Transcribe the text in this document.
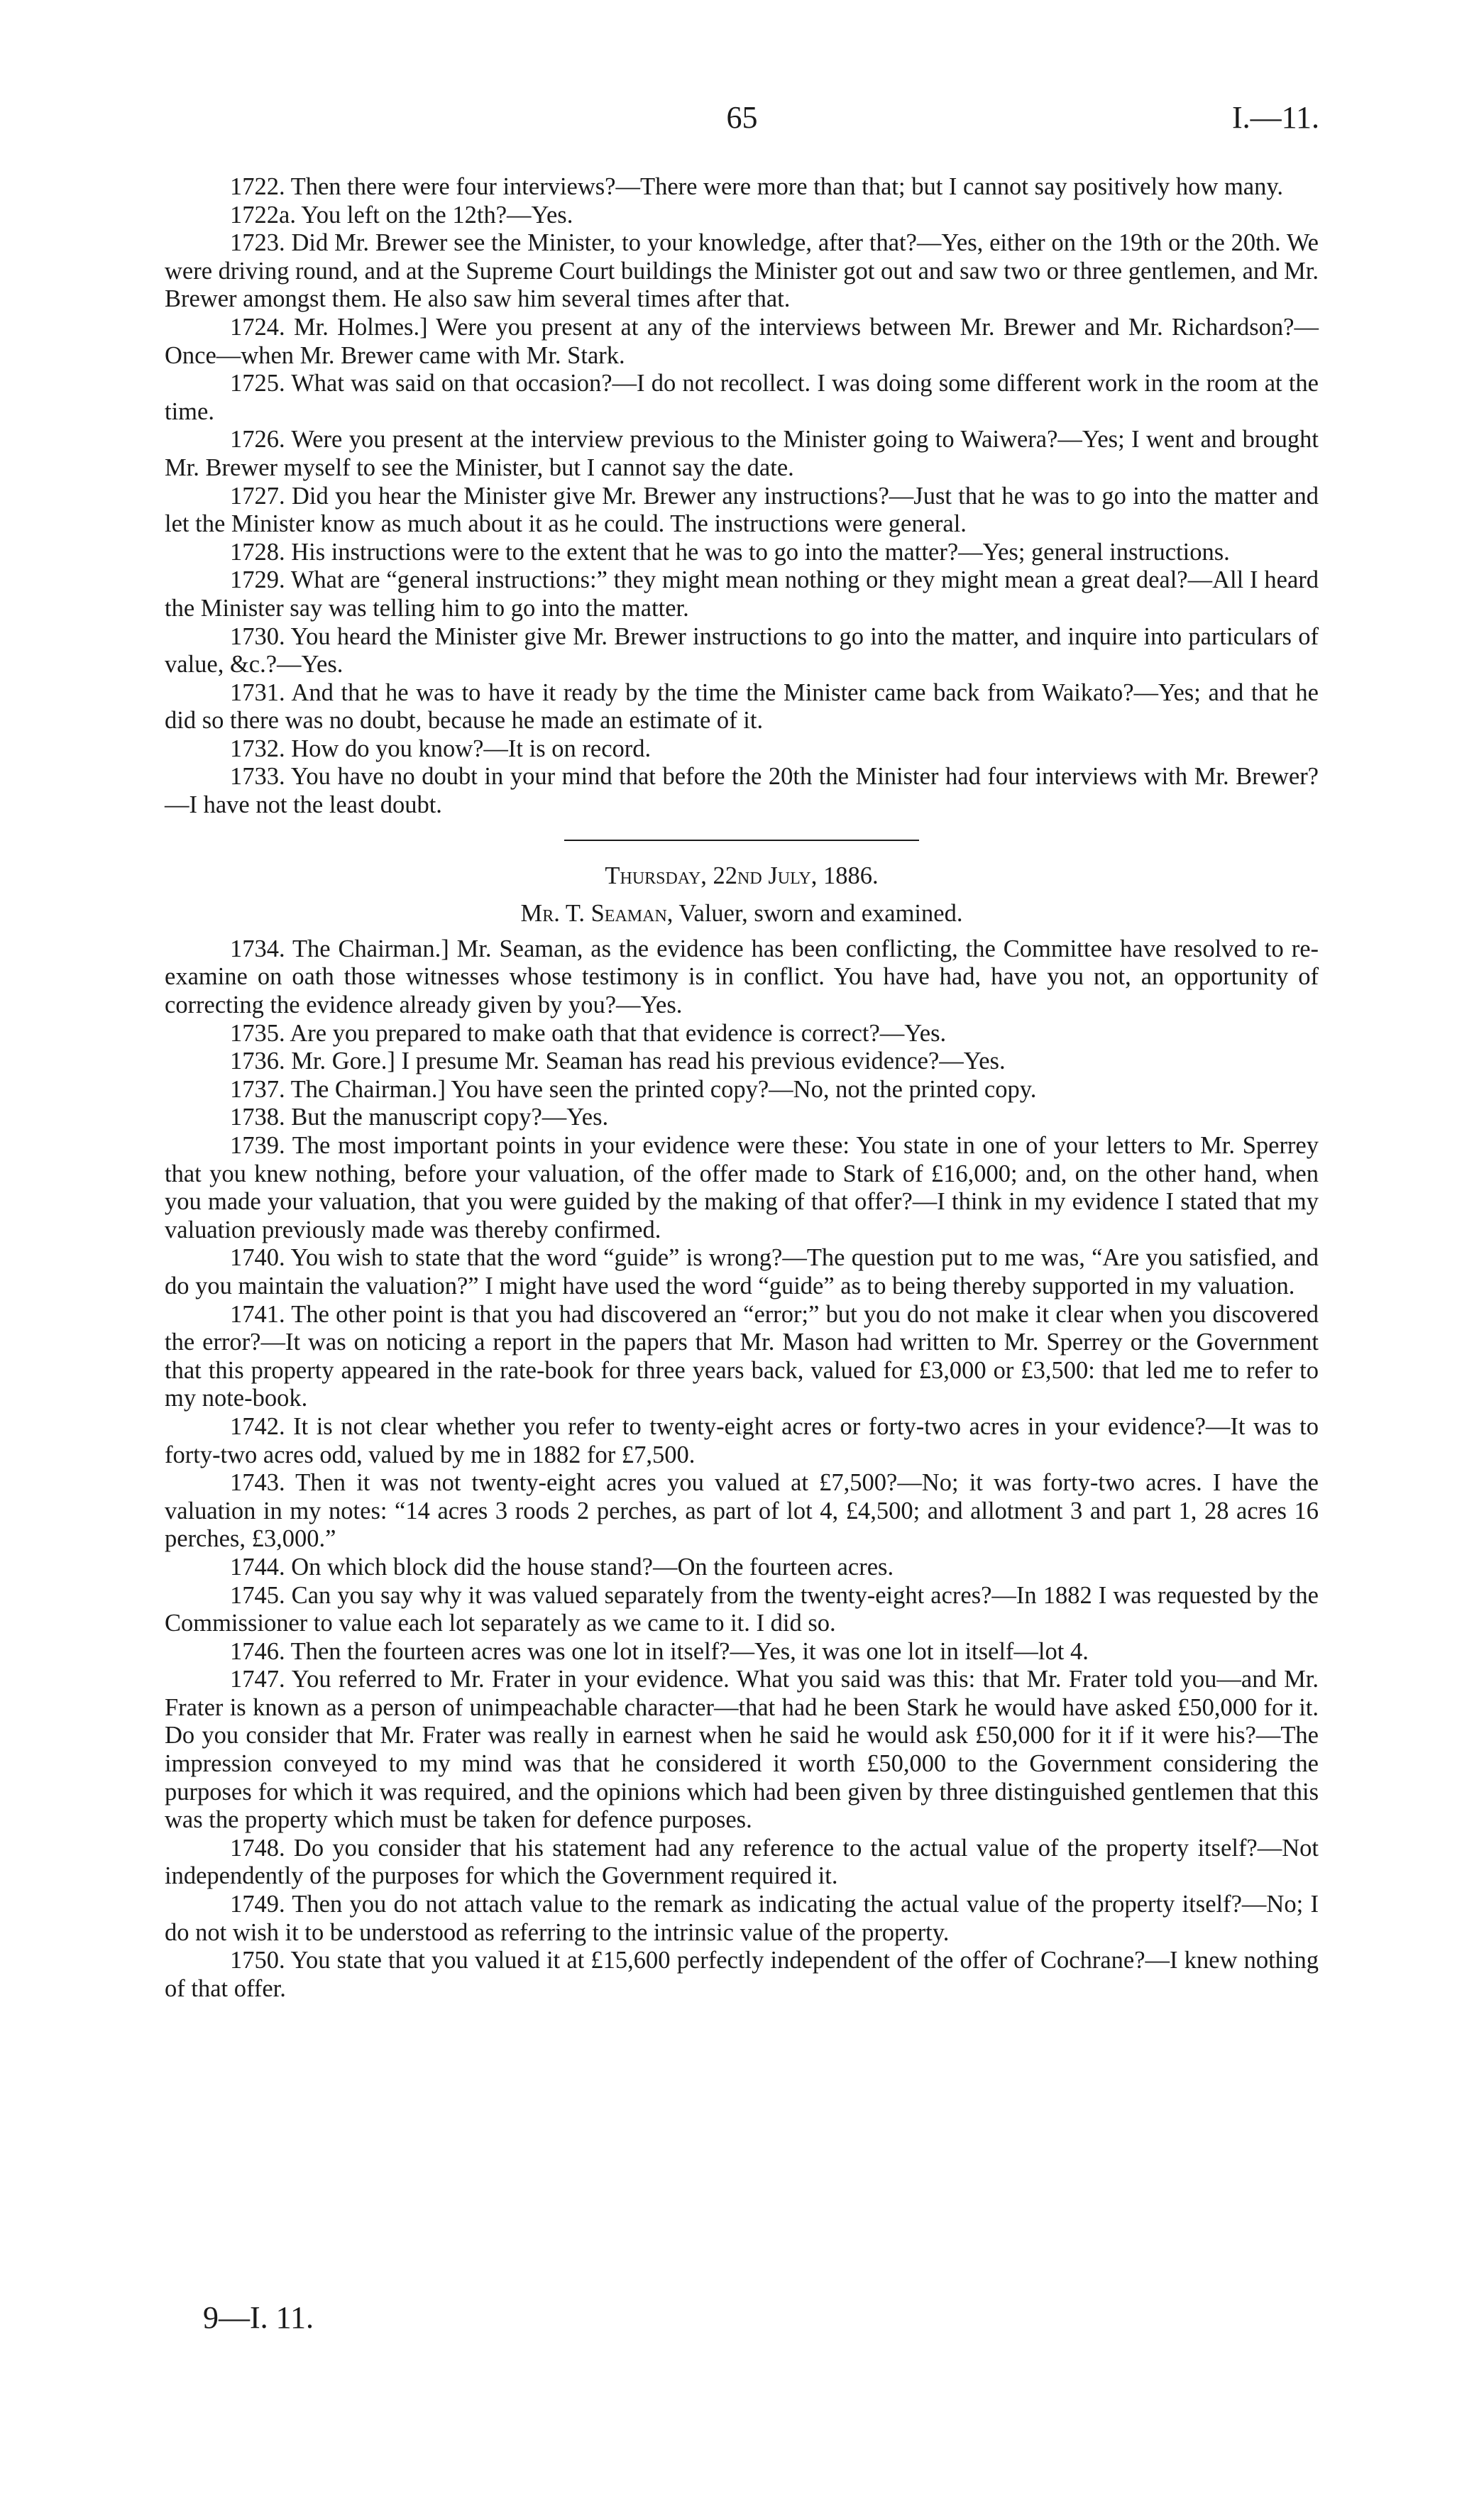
65	I.—11.

1722. Then there were four interviews?—There were more than that; but I cannot say positively how many.

1722a. You left on the 12th?—Yes.

1723. Did Mr. Brewer see the Minister, to your knowledge, after that?—Yes, either on the 19th or the 20th. We were driving round, and at the Supreme Court buildings the Minister got out and saw two or three gentlemen, and Mr. Brewer amongst them. He also saw him several times after that.

1724. Mr. Holmes.] Were you present at any of the interviews between Mr. Brewer and Mr. Richardson?—Once—when Mr. Brewer came with Mr. Stark.

1725. What was said on that occasion?—I do not recollect. I was doing some different work in the room at the time.

1726. Were you present at the interview previous to the Minister going to Waiwera?—Yes; I went and brought Mr. Brewer myself to see the Minister, but I cannot say the date.

1727. Did you hear the Minister give Mr. Brewer any instructions?—Just that he was to go into the matter and let the Minister know as much about it as he could. The instructions were general.

1728. His instructions were to the extent that he was to go into the matter?—Yes; general instructions.

1729. What are “general instructions:” they might mean nothing or they might mean a great deal?—All I heard the Minister say was telling him to go into the matter.

1730. You heard the Minister give Mr. Brewer instructions to go into the matter, and inquire into particulars of value, &c.?—Yes.

1731. And that he was to have it ready by the time the Minister came back from Waikato?—Yes; and that he did so there was no doubt, because he made an estimate of it.

1732. How do you know?—It is on record.

1733. You have no doubt in your mind that before the 20th the Minister had four interviews with Mr. Brewer?—I have not the least doubt.

Thursday, 22nd July, 1886.
Mr. T. Seaman, Valuer, sworn and examined.

1734. The Chairman.] Mr. Seaman, as the evidence has been conflicting, the Committee have resolved to re-examine on oath those witnesses whose testimony is in conflict. You have had, have you not, an opportunity of correcting the evidence already given by you?—Yes.

1735. Are you prepared to make oath that that evidence is correct?—Yes.

1736. Mr. Gore.] I presume Mr. Seaman has read his previous evidence?—Yes.

1737. The Chairman.] You have seen the printed copy?—No, not the printed copy.

1738. But the manuscript copy?—Yes.

1739. The most important points in your evidence were these: You state in one of your letters to Mr. Sperrey that you knew nothing, before your valuation, of the offer made to Stark of £16,000; and, on the other hand, when you made your valuation, that you were guided by the making of that offer?—I think in my evidence I stated that my valuation previously made was thereby confirmed.

1740. You wish to state that the word “guide” is wrong?—The question put to me was, “Are you satisfied, and do you maintain the valuation?” I might have used the word “guide” as to being thereby supported in my valuation.

1741. The other point is that you had discovered an “error;” but you do not make it clear when you discovered the error?—It was on noticing a report in the papers that Mr. Mason had written to Mr. Sperrey or the Government that this property appeared in the rate-book for three years back, valued for £3,000 or £3,500: that led me to refer to my note-book.

1742. It is not clear whether you refer to twenty-eight acres or forty-two acres in your evidence?—It was to forty-two acres odd, valued by me in 1882 for £7,500.

1743. Then it was not twenty-eight acres you valued at £7,500?—No; it was forty-two acres. I have the valuation in my notes: “14 acres 3 roods 2 perches, as part of lot 4, £4,500; and allotment 3 and part 1, 28 acres 16 perches, £3,000.”

1744. On which block did the house stand?—On the fourteen acres.

1745. Can you say why it was valued separately from the twenty-eight acres?—In 1882 I was requested by the Commissioner to value each lot separately as we came to it. I did so.

1746. Then the fourteen acres was one lot in itself?—Yes, it was one lot in itself—lot 4.

1747. You referred to Mr. Frater in your evidence. What you said was this: that Mr. Frater told you—and Mr. Frater is known as a person of unimpeachable character—that had he been Stark he would have asked £50,000 for it. Do you consider that Mr. Frater was really in earnest when he said he would ask £50,000 for it if it were his?—The impression conveyed to my mind was that he considered it worth £50,000 to the Government considering the purposes for which it was required, and the opinions which had been given by three distinguished gentlemen that this was the property which must be taken for defence purposes.

1748. Do you consider that his statement had any reference to the actual value of the property itself?—Not independently of the purposes for which the Government required it.

1749. Then you do not attach value to the remark as indicating the actual value of the property itself?—No; I do not wish it to be understood as referring to the intrinsic value of the property.

1750. You state that you valued it at £15,600 perfectly independent of the offer of Cochrane?—I knew nothing of that offer.

9—I. 11.
